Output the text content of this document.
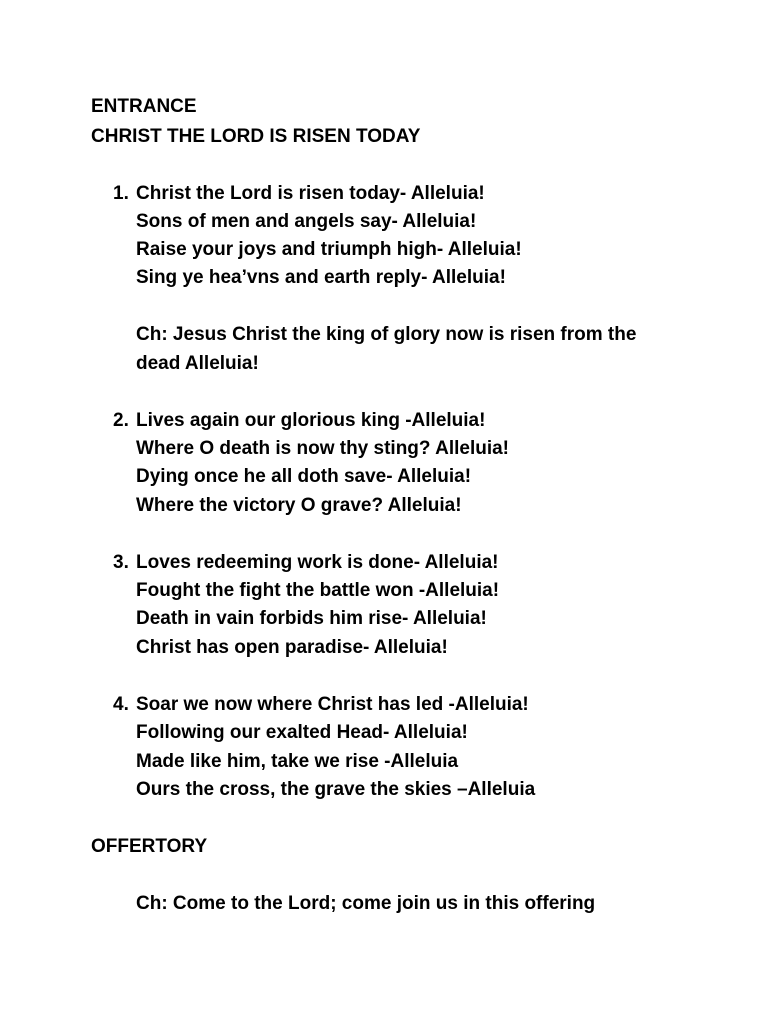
ENTRANCE
CHRIST THE LORD IS RISEN TODAY
1. Christ the Lord is risen today- Alleluia!
Sons of men and angels say- Alleluia!
Raise your joys and triumph high- Alleluia!
Sing ye hea’vns and earth reply- Alleluia!
Ch: Jesus Christ the king of glory now is risen from the
dead Alleluia!
2. Lives again our glorious king -Alleluia!
Where O death is now thy sting? Alleluia!
Dying once he all doth save- Alleluia!
Where the victory O grave? Alleluia!
3. Loves redeeming work is done- Alleluia!
Fought the fight the battle won -Alleluia!
Death in vain forbids him rise- Alleluia!
Christ has open paradise- Alleluia!
4. Soar we now where Christ has led -Alleluia!
Following our exalted Head- Alleluia!
Made like him, take we rise -Alleluia
Ours the cross, the grave the skies –Alleluia
OFFERTORY
Ch: Come to the Lord; come join us in this offering
